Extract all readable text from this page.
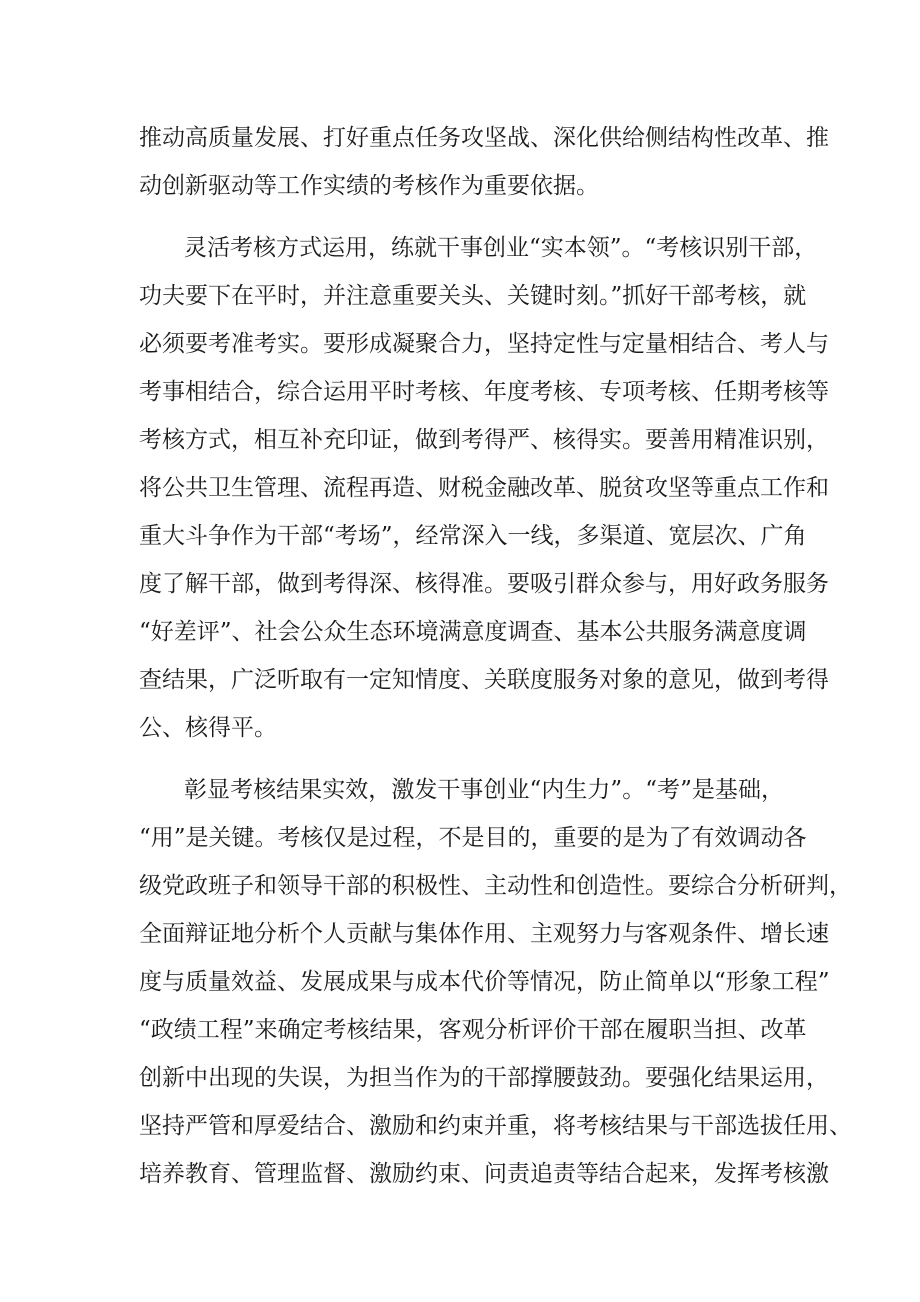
推动高质量发展、打好重点任务攻坚战、深化供给侧结构性改革、推

动创新驱动等工作实绩的考核作为重要依据。

灵活考核方式运用，练就干事创业“实本领”。“考核识别干部，

功夫要下在平时，并注意重要关头、关键时刻。”抓好干部考核，就

必须要考准考实。要形成凝聚合力，坚持定性与定量相结合、考人与

考事相结合，综合运用平时考核、年度考核、专项考核、任期考核等

考核方式，相互补充印证，做到考得严、核得实。要善用精准识别，

将公共卫生管理、流程再造、财税金融改革、脱贫攻坚等重点工作和

重大斗争作为干部“考场”，经常深入一线，多渠道、宽层次、广角

度了解干部，做到考得深、核得准。要吸引群众参与，用好政务服务

“好差评”、社会公众生态环境满意度调查、基本公共服务满意度调

查结果，广泛听取有一定知情度、关联度服务对象的意见，做到考得

公、核得平。

彰显考核结果实效，激发干事创业“内生力”。“考”是基础，

“用”是关键。考核仅是过程，不是目的，重要的是为了有效调动各

级党政班子和领导干部的积极性、主动性和创造性。要综合分析研判，

全面辩证地分析个人贡献与集体作用、主观努力与客观条件、增长速

度与质量效益、发展成果与成本代价等情况，防止简单以“形象工程”

“政绩工程”来确定考核结果，客观分析评价干部在履职当担、改革

创新中出现的失误，为担当作为的干部撑腰鼓劲。要强化结果运用，

坚持严管和厚爱结合、激励和约束并重，将考核结果与干部选拔任用、

培养教育、管理监督、激励约束、问责追责等结合起来，发挥考核激
